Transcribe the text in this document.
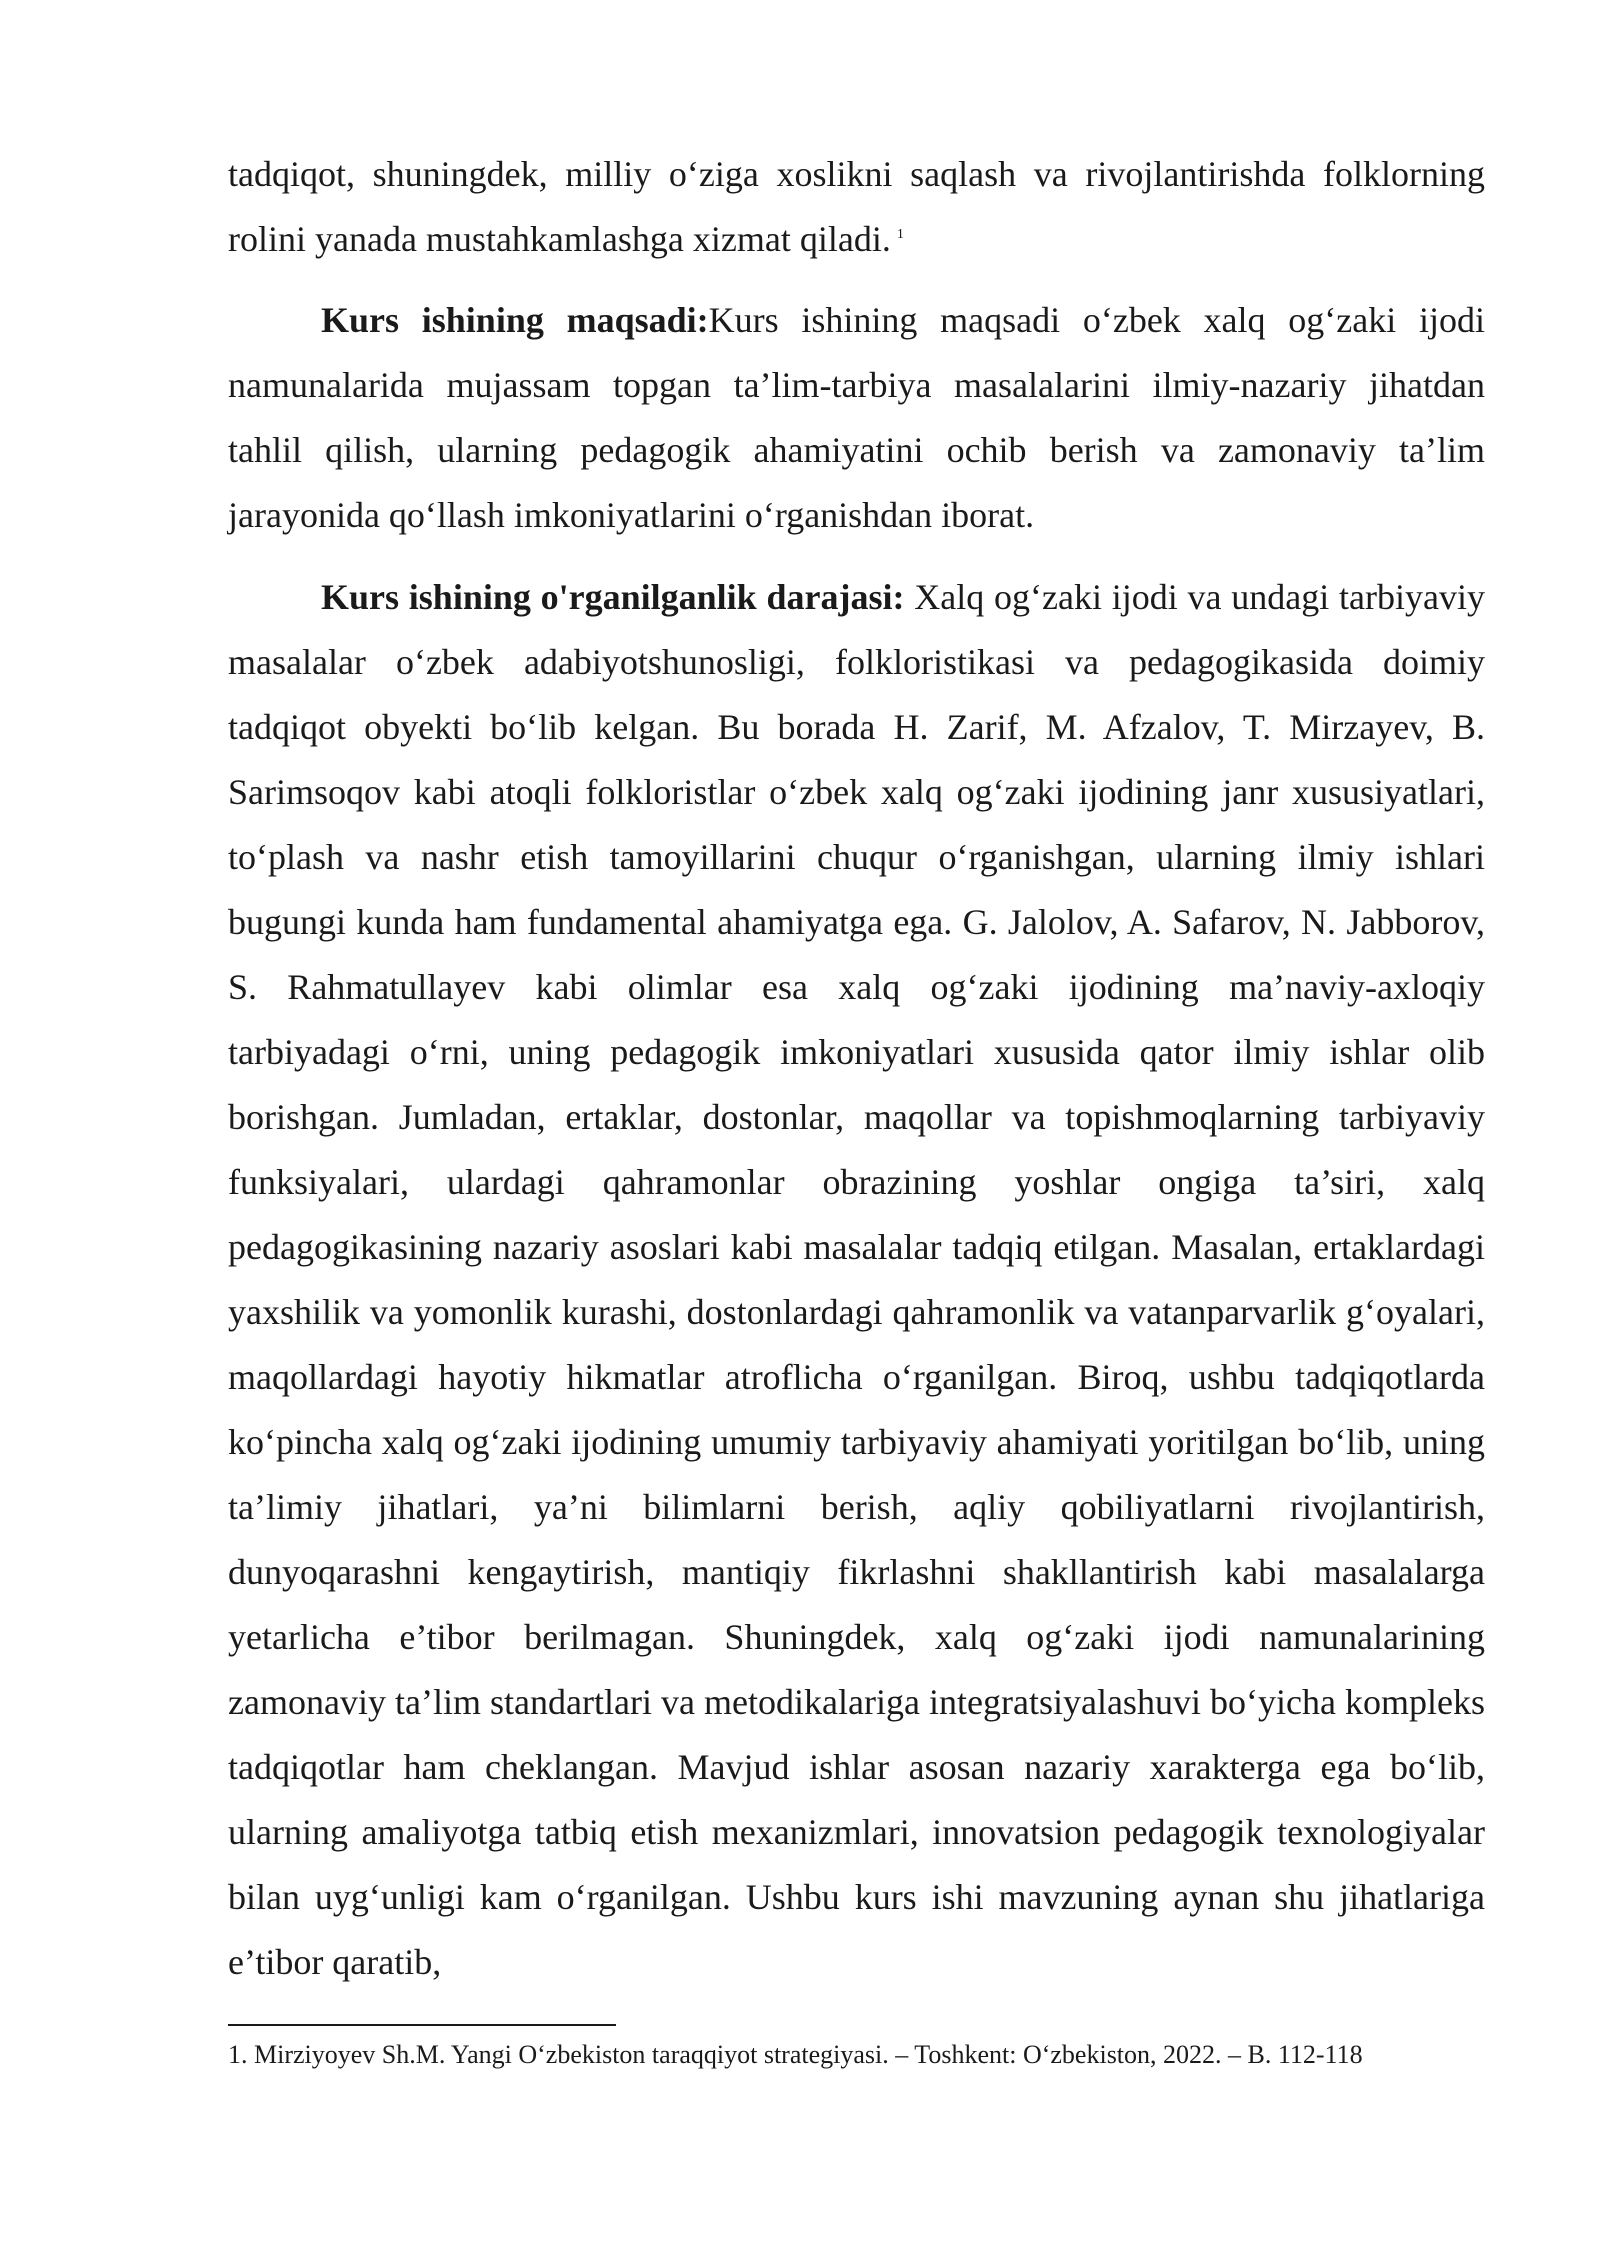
tadqiqot, shuningdek, milliy o‘ziga xoslikni saqlash va rivojlantirishda folklorning rolini yanada mustahkamlashga xizmat qiladi. $^1$

Kurs ishining maqsadi:Kurs ishining maqsadi o‘zbek xalq og‘zaki ijodi namunalarida mujassam topgan ta’lim-tarbiya masalalarini ilmiy-nazariy jihatdan tahlil qilish, ularning pedagogik ahamiyatini ochib berish va zamonaviy ta’lim jarayonida qo‘llash imkoniyatlarini o‘rganishdan iborat.

Kurs ishining o'rganilganlik darajasi: Xalq og‘zaki ijodi va undagi tarbiyaviy masalalar o‘zbek adabiyotshunosligi, folkloristikasi va pedagogikasida doimiy tadqiqot obyekti bo‘lib kelgan. Bu borada H. Zarif, M. Afzalov, T. Mirzayev, B. Sarimsoqov kabi atoqli folkloristlar o‘zbek xalq og‘zaki ijodining janr xususiyatlari, to‘plash va nashr etish tamoyillarini chuqur o‘rganishgan, ularning ilmiy ishlari bugungi kunda ham fundamental ahamiyatga ega. G. Jalolov, A. Safarov, N. Jabborov, S. Rahmatullayev kabi olimlar esa xalq og‘zaki ijodining ma’naviy-axloqiy tarbiyadagi o‘rni, uning pedagogik imkoniyatlari xususida qator ilmiy ishlar olib borishgan. Jumladan, ertaklar, dostonlar, maqollar va topishmoqlarning tarbiyaviy funksiyalari, ulardagi qahramonlar obrazining yoshlar ongiga ta’siri, xalq pedagogikasining nazariy asoslari kabi masalalar tadqiq etilgan. Masalan, ertaklardagi yaxshilik va yomonlik kurashi, dostonlardagi qahramonlik va vatanparvarlik g‘oyalari, maqollardagi hayotiy hikmatlar atroflicha o‘rganilgan. Biroq, ushbu tadqiqotlarda ko‘pincha xalq og‘zaki ijodining umumiy tarbiyaviy ahamiyati yoritilgan bo‘lib, uning ta’limiy jihatlari, ya’ni bilimlarni berish, aqliy qobiliyatlarni rivojlantirish, dunyoqarashni kengaytirish, mantiqiy fikrlashni shakllantirish kabi masalalarga yetarlicha e’tibor berilmagan. Shuningdek, xalq og‘zaki ijodi namunalarining zamonaviy ta’lim standartlari va metodikalariga integratsiyalashuvi bo‘yicha kompleks tadqiqotlar ham cheklangan. Mavjud ishlar asosan nazariy xarakterga ega bo‘lib, ularning amaliyotga tatbiq etish mexanizmlari, innovatsion pedagogik texnologiyalar bilan uyg‘unligi kam o‘rganilgan. Ushbu kurs ishi mavzuning aynan shu jihatlariga e’tibor qaratib,

1. Mirziyoyev Sh.M. Yangi O‘zbekiston taraqqiyot strategiyasi. – Toshkent: O‘zbekiston, 2022. – B. 112-118
